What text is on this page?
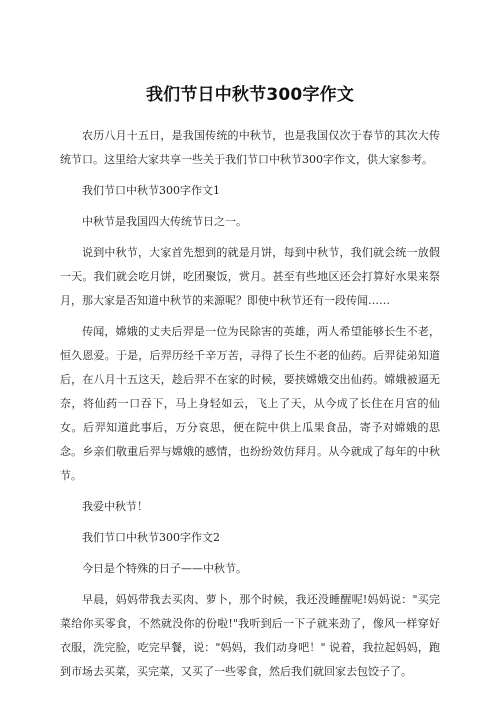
我们节日中秋节300字作文

农历八月十五日，是我国传统的中秋节，也是我国仅次于春节的其次大传统节口。这里给大家共享一些关于我们节口中秋节300字作文，供大家参考。

我们节口中秋节300字作文1

中秋节是我国四大传统节日之一。

说到中秋节，大家首先想到的就是月饼，每到中秋节，我们就会统一放假一天。我们就会吃月饼，吃团聚饭，赏月。甚至有些地区还会打算好水果来祭月，那大家是否知道中秋节的来源呢？即使中秋节还有一段传闻……

传闻，嫦娥的丈夫后羿是一位为民除害的英雄，两人希望能够长生不老，恒久恩爱。于是，后羿历经千辛万苦，寻得了长生不老的仙药。后羿徒弟知道后，在八月十五这天，趁后羿不在家的时候，要挟嫦娥交出仙药。嫦娥被逼无奈，将仙药一口吞下，马上身轻如云，飞上了天，从今成了长住在月宫的仙女。后羿知道此事后，万分哀思，便在院中供上瓜果食品，寄予对嫦娥的思念。乡亲们敬重后羿与嫦娥的感情，也纷纷效仿拜月。从今就成了每年的中秋节。

我爱中秋节！

我们节口中秋节300字作文2

今日是个特殊的日子——中秋节。

早晨，妈妈带我去买肉、萝卜，那个时候，我还没睡醒呢!妈妈说："买完菜给你买零食，不然就没你的份啦!"我听到后一下子就来劲了，像风一样穿好衣服，洗完脸，吃完早餐，说："妈妈，我们动身吧！" 说着，我拉起妈妈，跑到市场去买菜，买完菜，又买了一些零食，然后我们就回家去包饺子了。
